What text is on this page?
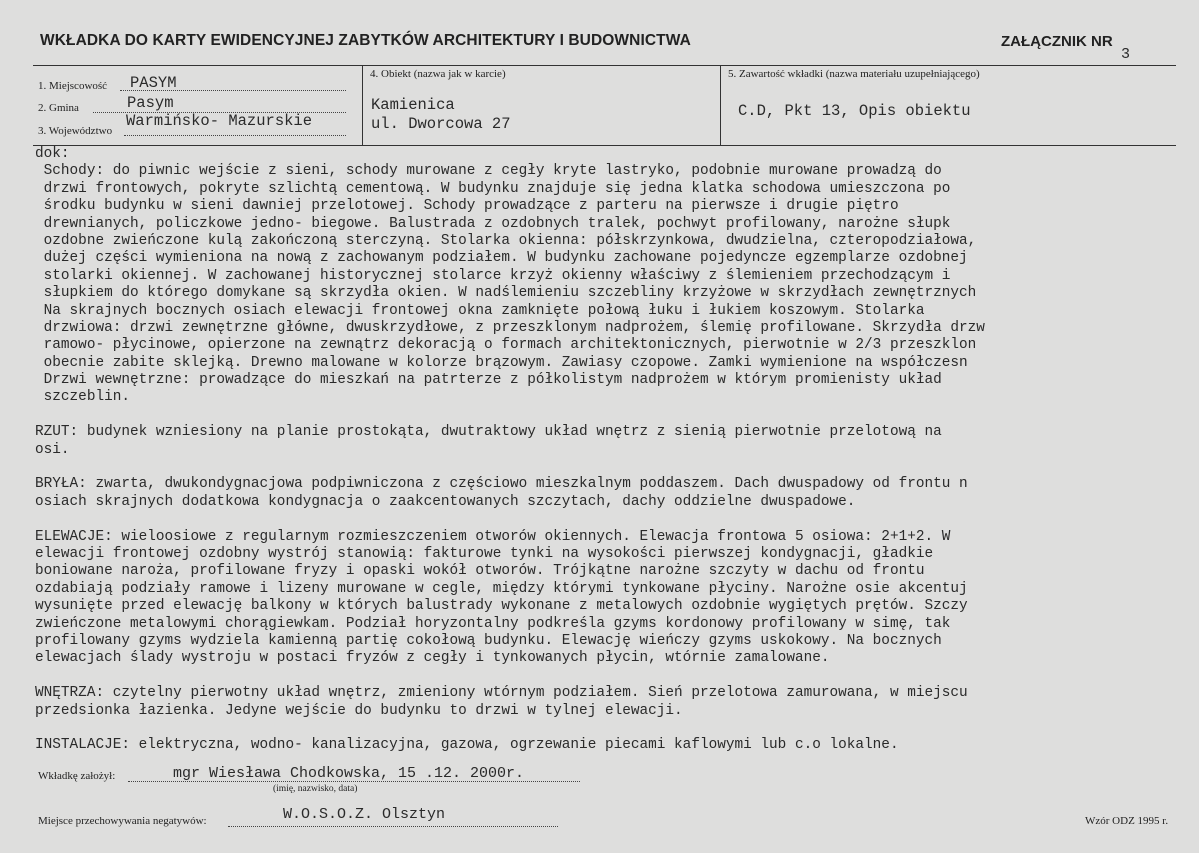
WKŁADKA DO KARTY EWIDENCYJNEJ ZABYTKÓW ARCHITEKTURY I BUDOWNICTWA	ZAŁĄCZNIK NR
3
1. Miejscowość PASYM
2. Gmina	Pasym
3. Województwo
Warmińsko- Mazurskie
4. Obiekt (nazwa jak w karcie)
Kamienica
ul. Dworcowa 27
5. Zawartość wkładki (nazwa materiału uzupełniającego)
C.D, Pkt 13, Opis obiektu
dok:
Schody: do piwnic wejście z sieni, schody murowane z cegły kryte lastryko, podobnie murowane prowadzą do
drzwi frontowych, pokryte szlichtą cementową. W budynku znajduje się jedna klatka schodowa umieszczona po
środku budynku w sieni dawniej przelotowej. Schody prowadzące z parteru na pierwsze i drugie piętro
drewnianych, policzkowe jedno- biegowe. Balustrada z ozdobnych tralek, pochwyt profilowany, narożne słupk
ozdobne zwieńczone kulą zakończoną sterczyną. Stolarka okienna: półskrzynkowa, dwudzielna, czteropodziałowa,
dużej części wymieniona na nową z zachowanym podziałem. W budynku zachowane pojedyncze egzemplarze ozdobnej
stolarki okiennej. W zachowanej historycznej stolarce krzyż okienny właściwy z ślemieniem przechodzącym i
słupkiem do którego domykane są skrzydła okien. W nadślemieniu szczebliny krzyżowe w skrzydłach zewnętrznych
Na skrajnych bocznych osiach elewacji frontowej okna zamknięte połową łuku i łukiem koszowym. Stolarka
drzwiowa: drzwi zewnętrzne główne, dwuskrzydłowe, z przeszklonym nadprożem, ślemię profilowane. Skrzydła drzw
ramowo- płycinowe, opierzone na zewnątrz dekoracją o formach architektonicznych, pierwotnie w 2/3 przeszklon
obecnie zabite sklejką. Drewno malowane w kolorze brązowym. Zawiasy czopowe. Zamki wymienione na współczesn
Drzwi wewnętrzne: prowadzące do mieszkań na patrterze z półkolistym nadprożem w którym promienisty układ
szczeblin.
RZUT: budynek wzniesiony na planie prostokąta, dwutraktowy układ wnętrz z sienią pierwotnie przelotową na
osi.
BRYŁA: zwarta, dwukondygnacjowa podpiwniczona z częściowo mieszkalnym poddaszem. Dach dwuspadowy od frontu n
osiach skrajnych dodatkowa kondygnacja o zaakcentowanych szczytach, dachy oddzielne dwuspadowe.
ELEWACJE: wieloosiowe z regularnym rozmieszczeniem otworów okiennych. Elewacja frontowa 5 osiowa: 2+1+2. W
elewacji frontowej ozdobny wystrój stanowią: fakturowe tynki na wysokości pierwszej kondygnacji, gładkie
boniowane naroża, profilowane fryzy i opaski wokół otworów. Trójkątne narożne szczyty w dachu od frontu
ozdabiają podziały ramowe i lizeny murowane w cegle, między którymi tynkowane płyciny. Narożne osie akcentuj
wysunięte przed elewację balkony w których balustrady wykonane z metalowych ozdobnie wygiętych prętów. Szczy
zwieńczone metalowymi chorągiewkam. Podział horyzontalny podkreśla gzyms kordonowy profilowany w simę, tak
profilowany gzyms wydziela kamienną partię cokołową budynku. Elewację wieńczy gzyms uskokowy. Na bocznych
elewacjach ślady wystroju w postaci fryzów z cegły i tynkowanych płycin, wtórnie zamalowane.
WNĘTRZA: czytelny pierwotny układ wnętrz, zmieniony wtórnym podziałem. Sień przelotowa zamurowana, w miejscu
przedsionka łazienka. Jedyne wejście do budynku to drzwi w tylnej elewacji.
INSTALACJE: elektryczna, wodno- kanalizacyjna, gazowa, ogrzewanie piecami kaflowymi lub c.o lokalne.
Wkładkę założył:	mgr Wiesława Chodkowska, 15 .12. 2000r.
(imię, nazwisko, data)
Miejsce przechowywania negatywów:	W.O.S.O.Z. Olsztyn	Wzór ODZ 1995 r.
